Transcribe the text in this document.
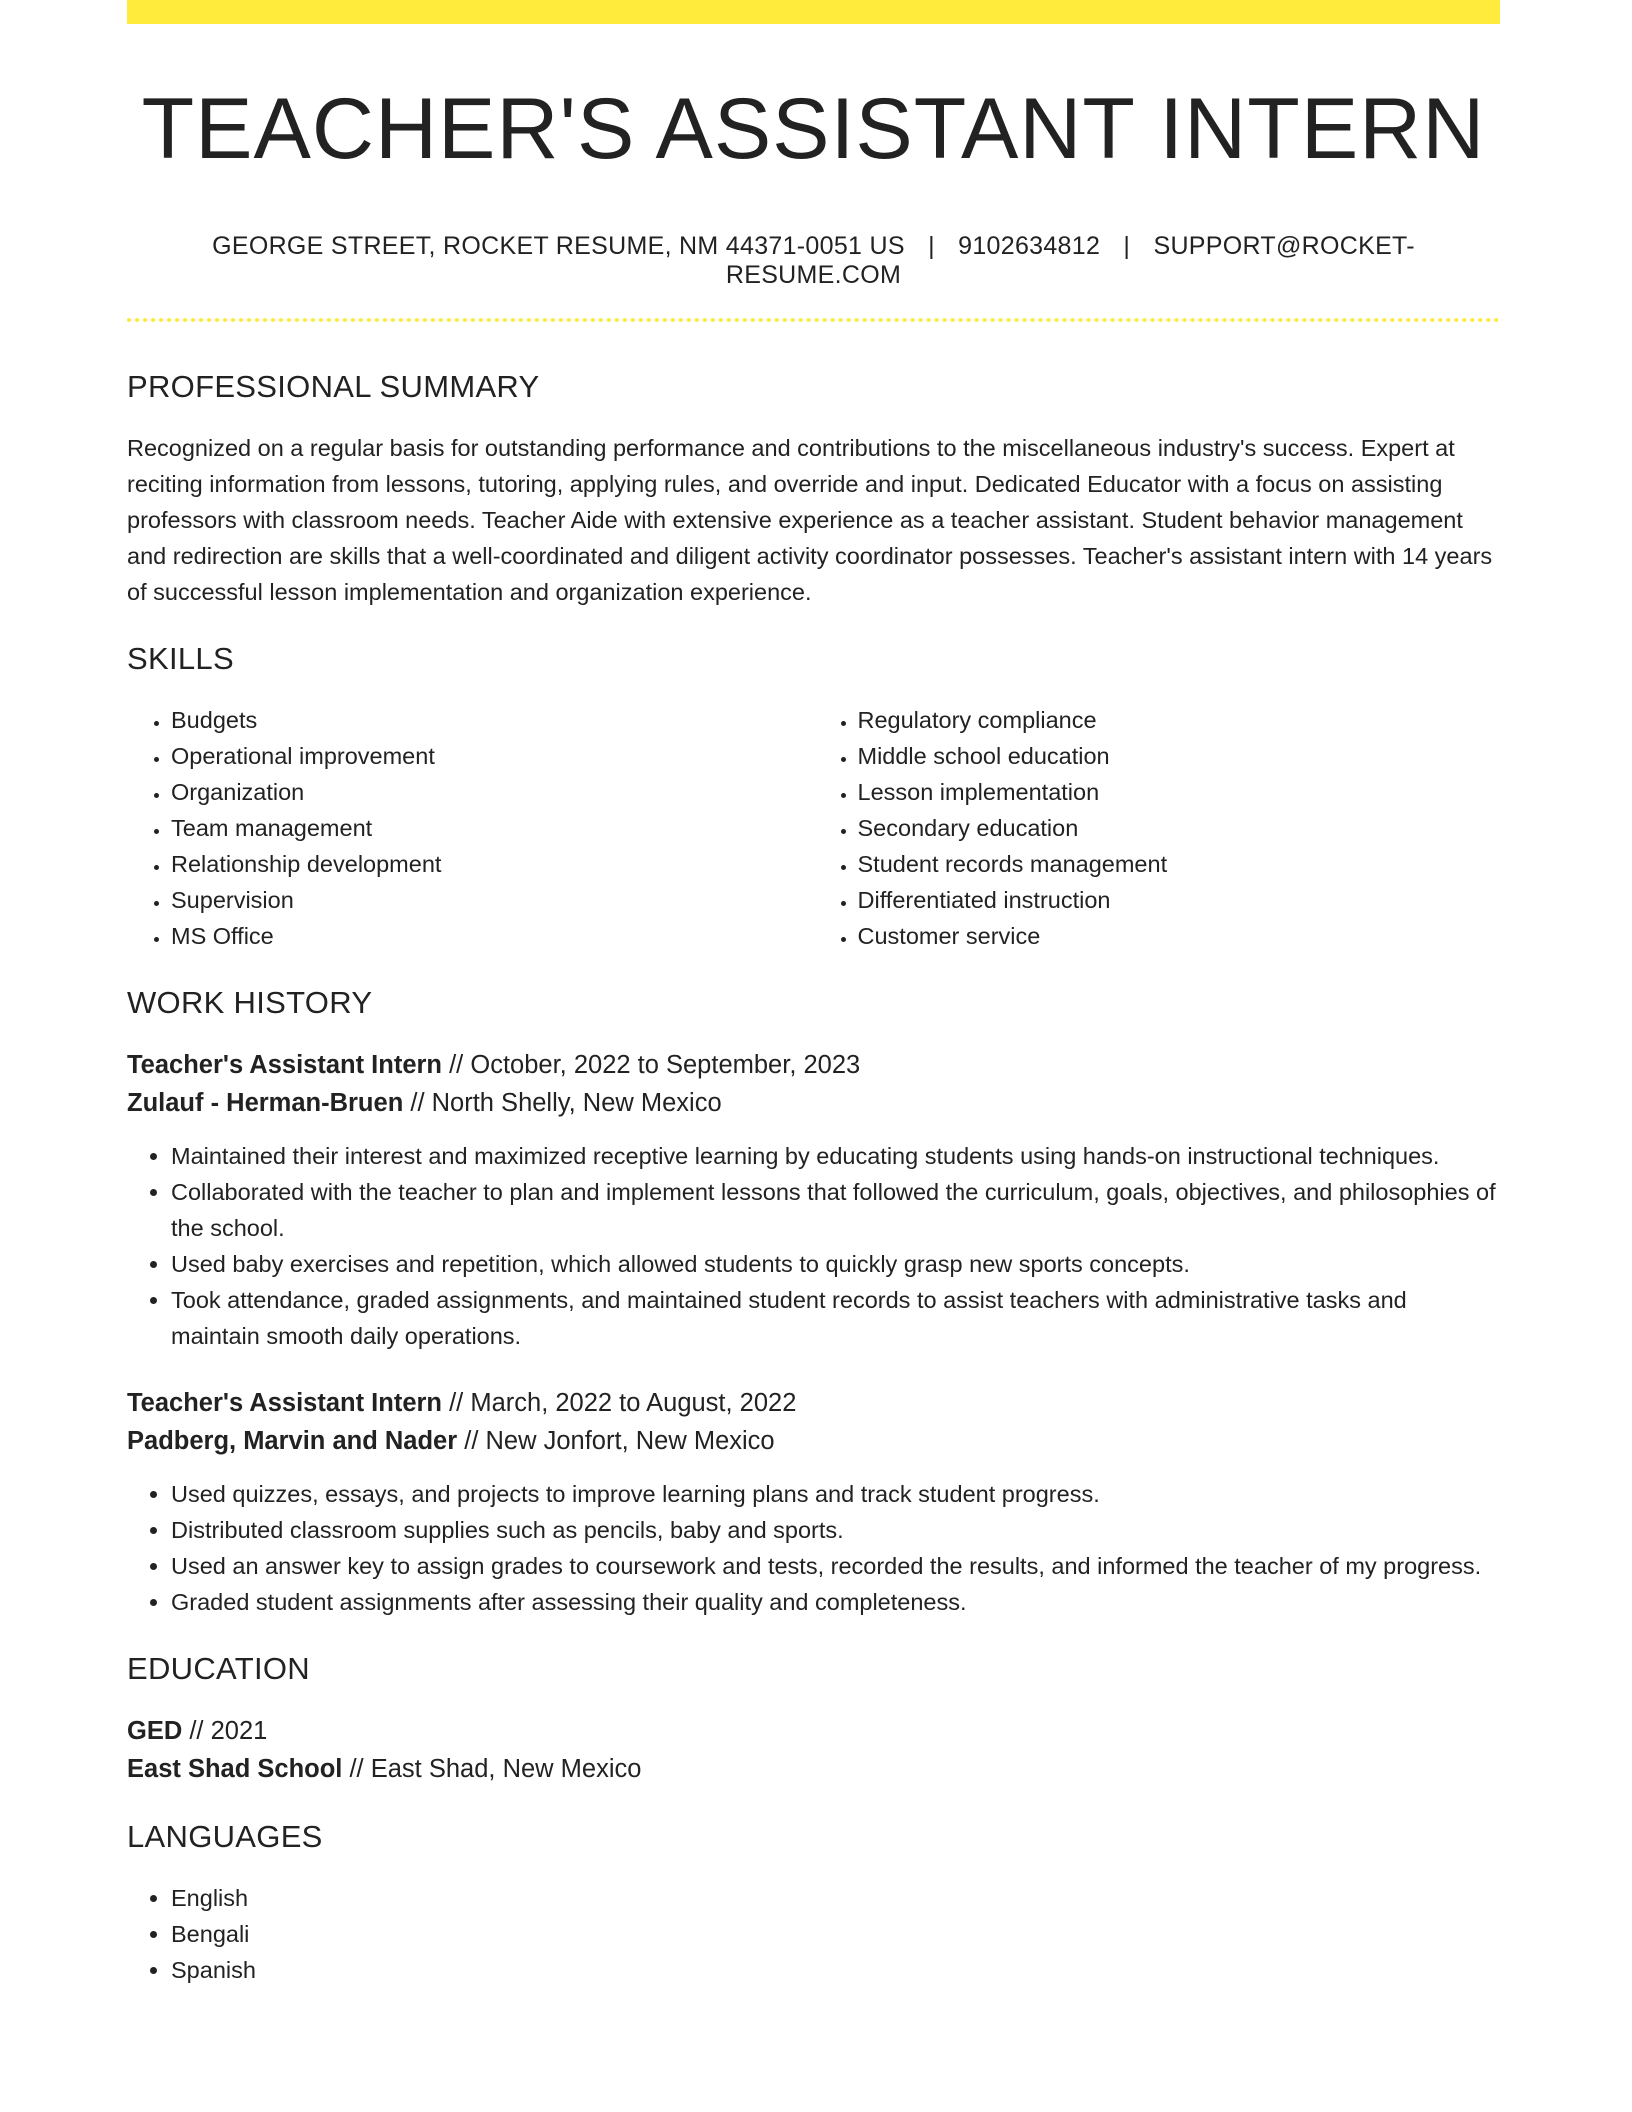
TEACHER'S ASSISTANT INTERN
GEORGE STREET, ROCKET RESUME, NM 44371-0051 US | 9102634812 | SUPPORT@ROCKET-RESUME.COM
PROFESSIONAL SUMMARY

Recognized on a regular basis for outstanding performance and contributions to the miscellaneous industry's success. Expert at reciting information from lessons, tutoring, applying rules, and override and input. Dedicated Educator with a focus on assisting professors with classroom needs. Teacher Aide with extensive experience as a teacher assistant. Student behavior management and redirection are skills that a well-coordinated and diligent activity coordinator possesses. Teacher's assistant intern with 14 years of successful lesson implementation and organization experience.

SKILLS
• Budgets
• Operational improvement
• Organization
• Team management
• Relationship development
• Supervision
• MS Office
• Regulatory compliance
• Middle school education
• Lesson implementation
• Secondary education
• Student records management
• Differentiated instruction
• Customer service
WORK HISTORY
Teacher's Assistant Intern // October, 2022 to September, 2023
Zulauf - Herman-Bruen // North Shelly, New Mexico
• Maintained their interest and maximized receptive learning by educating students using hands-on instructional techniques.
• Collaborated with the teacher to plan and implement lessons that followed the curriculum, goals, objectives, and philosophies of the school.
• Used baby exercises and repetition, which allowed students to quickly grasp new sports concepts.
• Took attendance, graded assignments, and maintained student records to assist teachers with administrative tasks and maintain smooth daily operations.
Teacher's Assistant Intern // March, 2022 to August, 2022
Padberg, Marvin and Nader // New Jonfort, New Mexico
• Used quizzes, essays, and projects to improve learning plans and track student progress.
• Distributed classroom supplies such as pencils, baby and sports.
• Used an answer key to assign grades to coursework and tests, recorded the results, and informed the teacher of my progress.
• Graded student assignments after assessing their quality and completeness.
EDUCATION
GED // 2021
East Shad School // East Shad, New Mexico
LANGUAGES
• English
• Bengali
• Spanish
